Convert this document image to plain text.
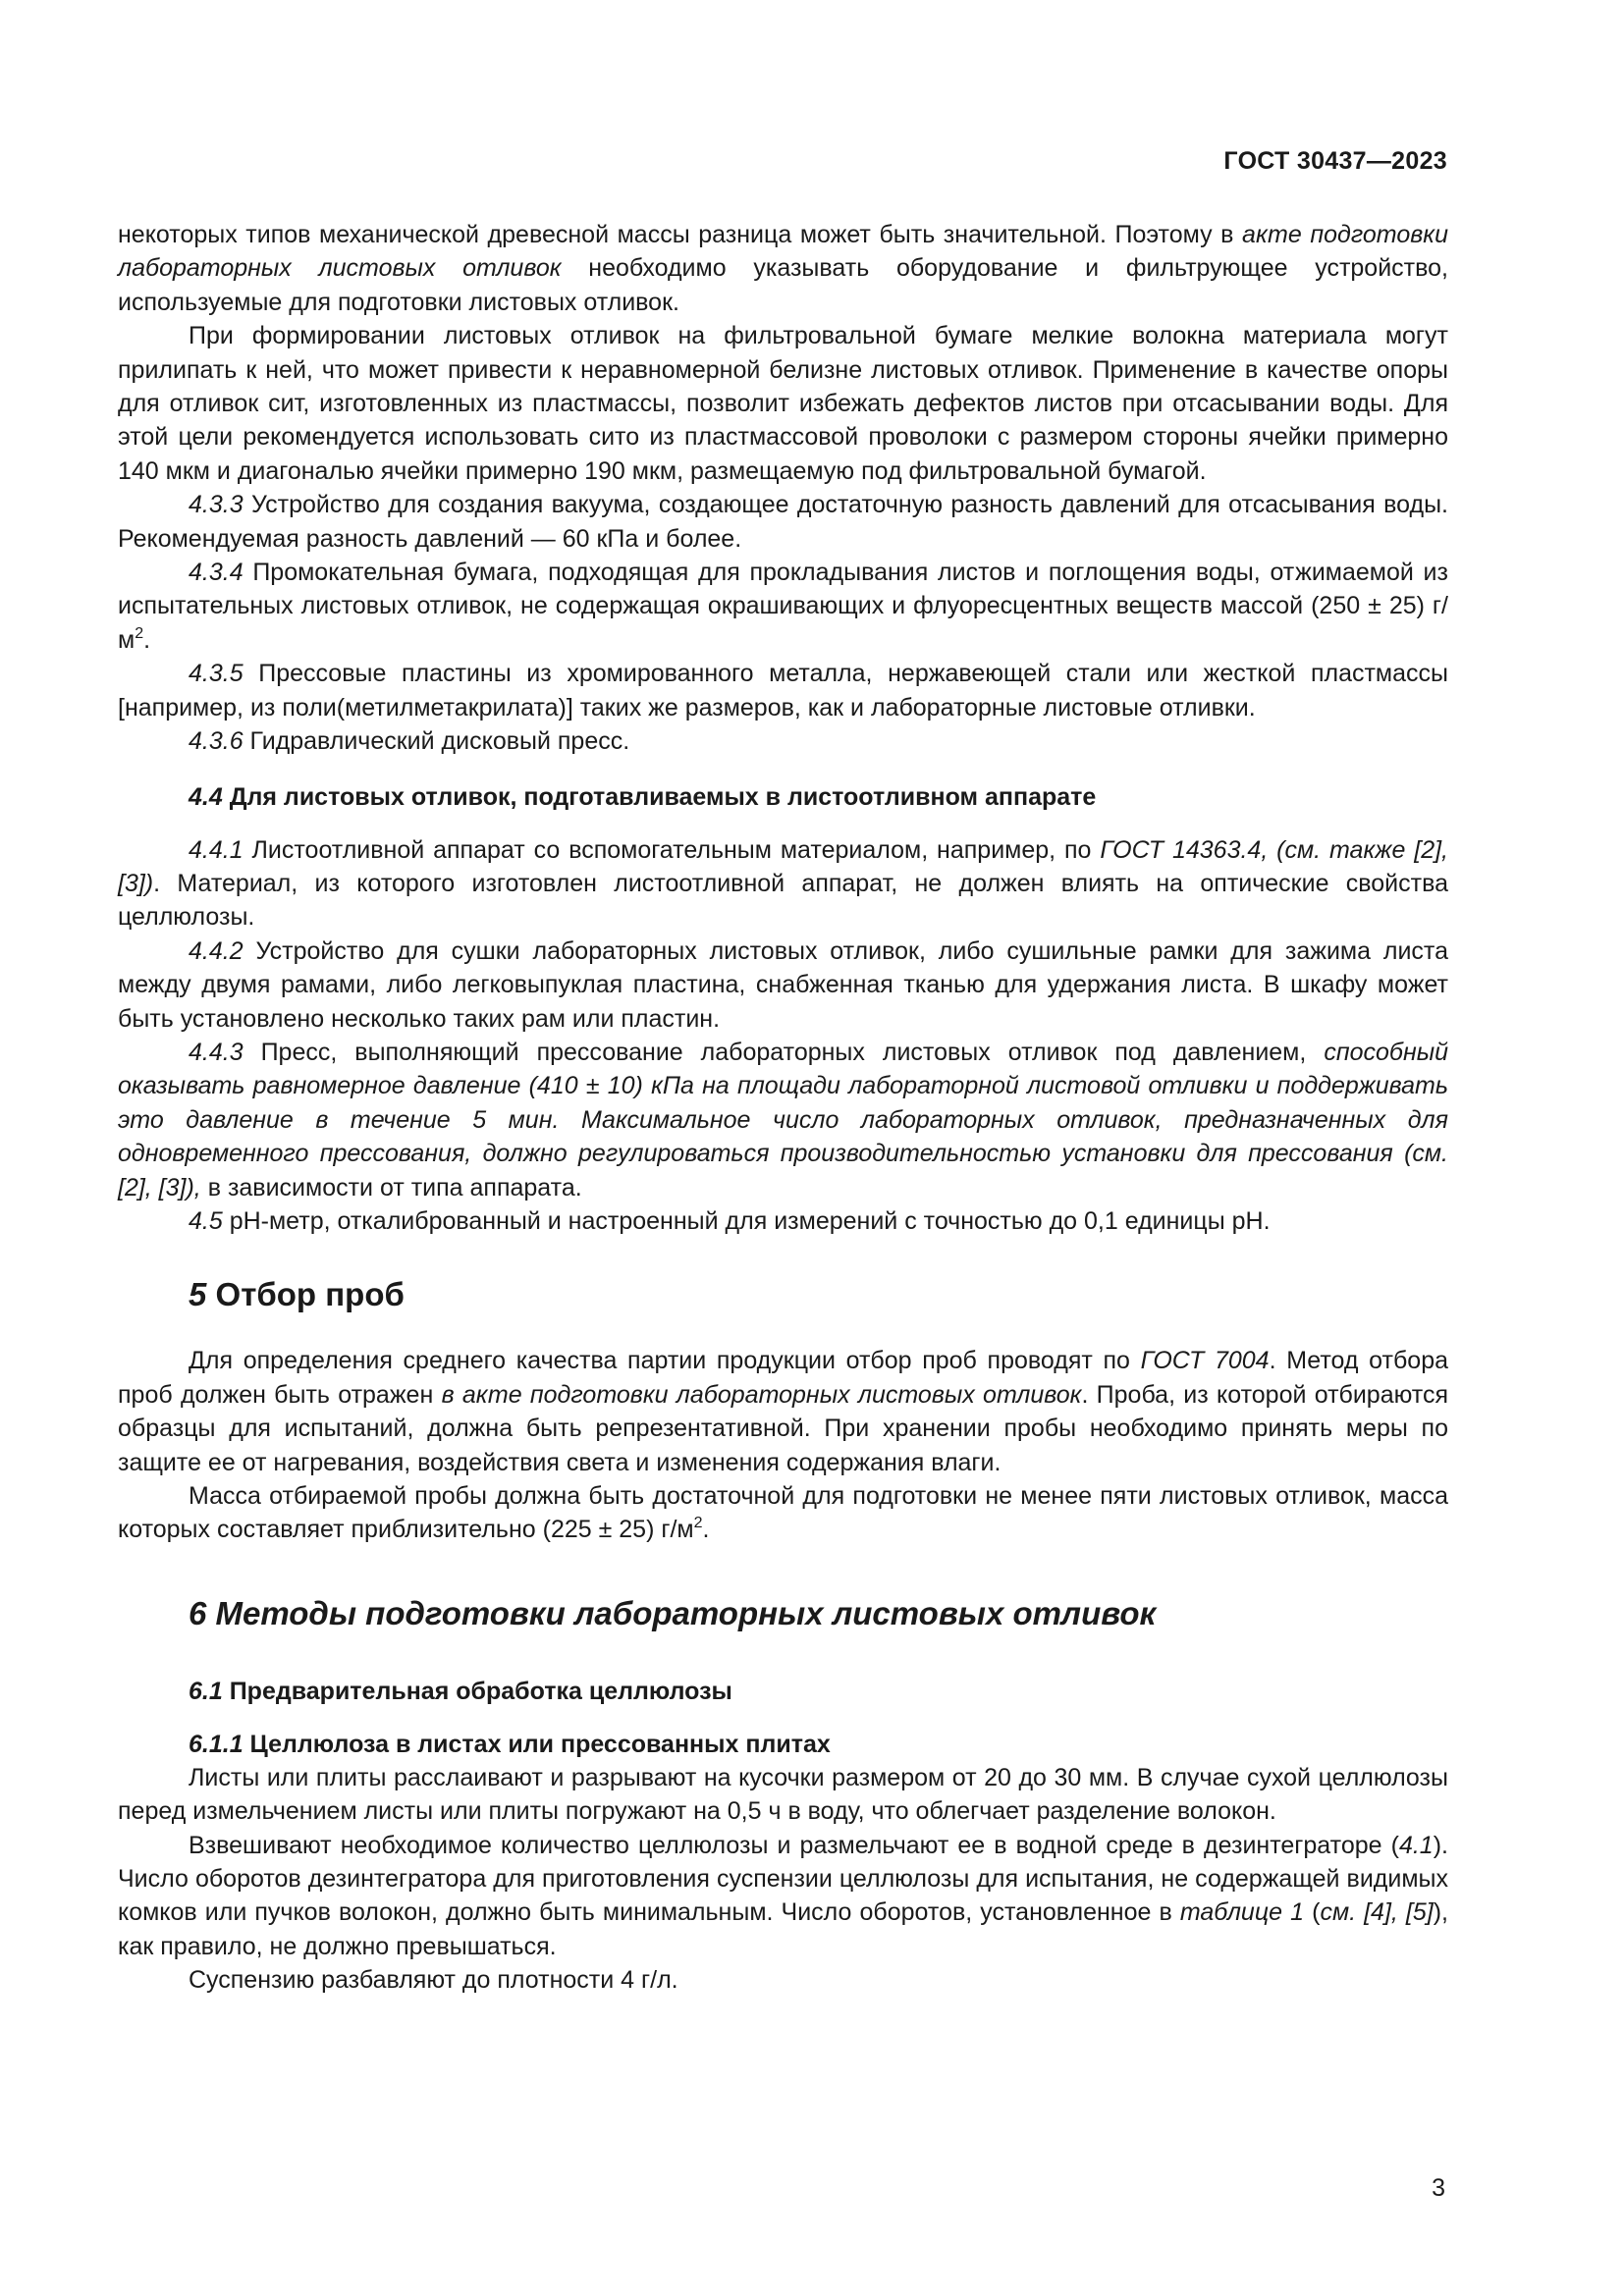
ГОСТ 30437—2023

некоторых типов механической древесной массы разница может быть значительной. Поэтому в акте подготовки лабораторных листовых отливок необходимо указывать оборудование и фильтрующее устройство, используемые для подготовки листовых отливок.

При формировании листовых отливок на фильтровальной бумаге мелкие волокна материала могут прилипать к ней, что может привести к неравномерной белизне листовых отливок. Применение в качестве опоры для отливок сит, изготовленных из пластмассы, позволит избежать дефектов листов при отсасывании воды. Для этой цели рекомендуется использовать сито из пластмассовой проволоки с размером стороны ячейки примерно 140 мкм и диагональю ячейки примерно 190 мкм, размещаемую под фильтровальной бумагой.

4.3.3 Устройство для создания вакуума, создающее достаточную разность давлений для отсасывания воды. Рекомендуемая разность давлений — 60 кПа и более.

4.3.4 Промокательная бумага, подходящая для прокладывания листов и поглощения воды, отжимаемой из испытательных листовых отливок, не содержащая окрашивающих и флуоресцентных веществ массой (250 ± 25) $г/м^2$.

4.3.5 Прессовые пластины из хромированного металла, нержавеющей стали или жесткой пластмассы [например, из поли(метилметакрилата)] таких же размеров, как и лабораторные листовые отливки.

4.3.6 Гидравлический дисковый пресс.

4.4 Для листовых отливок, подготавливаемых в листоотливном аппарате

4.4.1 Листоотливной аппарат со вспомогательным материалом, например, по ГОСТ 14363.4, (см. также [2], [3]). Материал, из которого изготовлен листоотливной аппарат, не должен влиять на оптические свойства целлюлозы.

4.4.2 Устройство для сушки лабораторных листовых отливок, либо сушильные рамки для зажима листа между двумя рамами, либо легковыпуклая пластина, снабженная тканью для удержания листа. В шкафу может быть установлено несколько таких рам или пластин.

4.4.3 Пресс, выполняющий прессование лабораторных листовых отливок под давлением, способный оказывать равномерное давление (410 ± 10) кПа на площади лабораторной листовой отливки и поддерживать это давление в течение 5 мин. Максимальное число лабораторных отливок, предназначенных для одновременного прессования, должно регулироваться производительностью установки для прессования (см. [2], [3]), в зависимости от типа аппарата.

4.5 рН-метр, откалиброванный и настроенный для измерений с точностью до 0,1 единицы рН.

5 Отбор проб

Для определения среднего качества партии продукции отбор проб проводят по ГОСТ 7004. Метод отбора проб должен быть отражен в акте подготовки лабораторных листовых отливок. Проба, из которой отбираются образцы для испытаний, должна быть репрезентативной. При хранении пробы необходимо принять меры по защите ее от нагревания, воздействия света и изменения содержания влаги.

Масса отбираемой пробы должна быть достаточной для подготовки не менее пяти листовых отливок, масса которых составляет приблизительно (225 ± 25) $г/м^2$.

6 Методы подготовки лабораторных листовых отливок
6.1 Предварительная обработка целлюлозы
6.1.1 Целлюлоза в листах или прессованных плитах

Листы или плиты расслаивают и разрывают на кусочки размером от 20 до 30 мм. В случае сухой целлюлозы перед измельчением листы или плиты погружают на 0,5 ч в воду, что облегчает разделение волокон.

Взвешивают необходимое количество целлюлозы и размельчают ее в водной среде в дезинтеграторе (4.1). Число оборотов дезинтегратора для приготовления суспензии целлюлозы для испытания, не содержащей видимых комков или пучков волокон, должно быть минимальным. Число оборотов, установленное в таблице 1 (см. [4], [5]), как правило, не должно превышаться.

Суспензию разбавляют до плотности 4 г/л.

3
